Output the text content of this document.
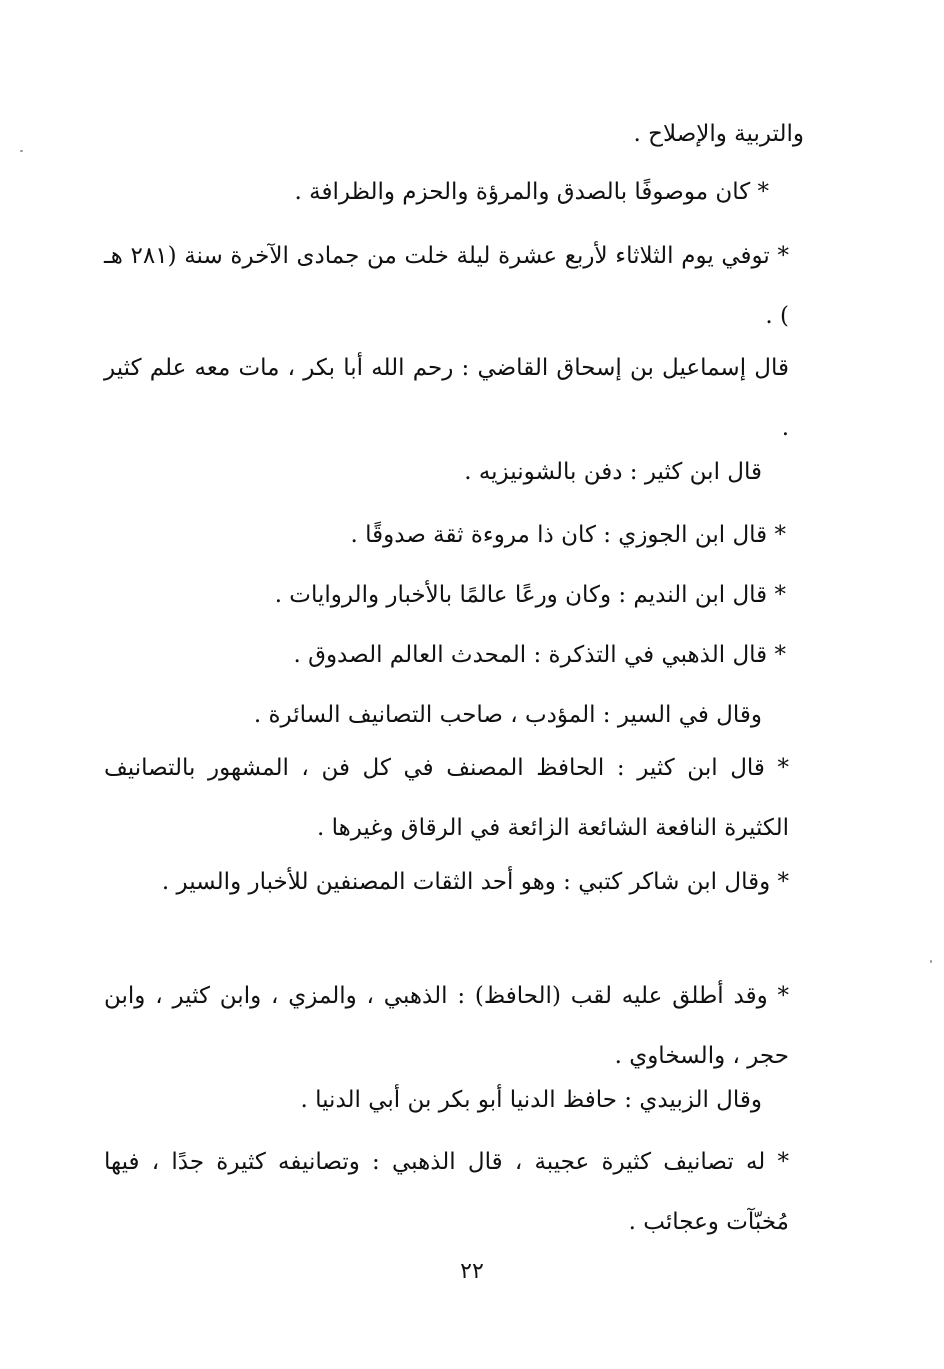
والتربية والإصلاح .
* كان موصوفًا بالصدق والمرؤة والحزم والظرافة .
* توفي يوم الثلاثاء لأربع عشرة ليلة خلت من جمادى الآخرة سنة (٢٨١ هـ ) .
قال إسماعيل بن إسحاق القاضي : رحم الله أبا بكر ، مات معه علم كثير .
قال ابن كثير : دفن بالشونيزيه .
* قال ابن الجوزي : كان ذا مروءة ثقة صدوقًا .
* قال ابن النديم : وكان ورعًا عالمًا بالأخبار والروايات .
* قال الذهبي في التذكرة : المحدث العالم الصدوق .
وقال في السير : المؤدب ، صاحب التصانيف السائرة .
* قال ابن كثير : الحافظ المصنف في كل فن ، المشهور بالتصانيف الكثيرة النافعة الشائعة الزائعة في الرقاق وغيرها .
* وقال ابن شاكر كتبي : وهو أحد الثقات المصنفين للأخبار والسير .
* وقد أطلق عليه لقب (الحافظ) : الذهبي ، والمزي ، وابن كثير ، وابن حجر ، والسخاوي .
وقال الزبيدي : حافظ الدنيا أبو بكر بن أبي الدنيا .
* له تصانيف كثيرة عجيبة ، قال الذهبي : وتصانيفه كثيرة جدًا ، فيها مُخبّآت وعجائب .
٢٢
